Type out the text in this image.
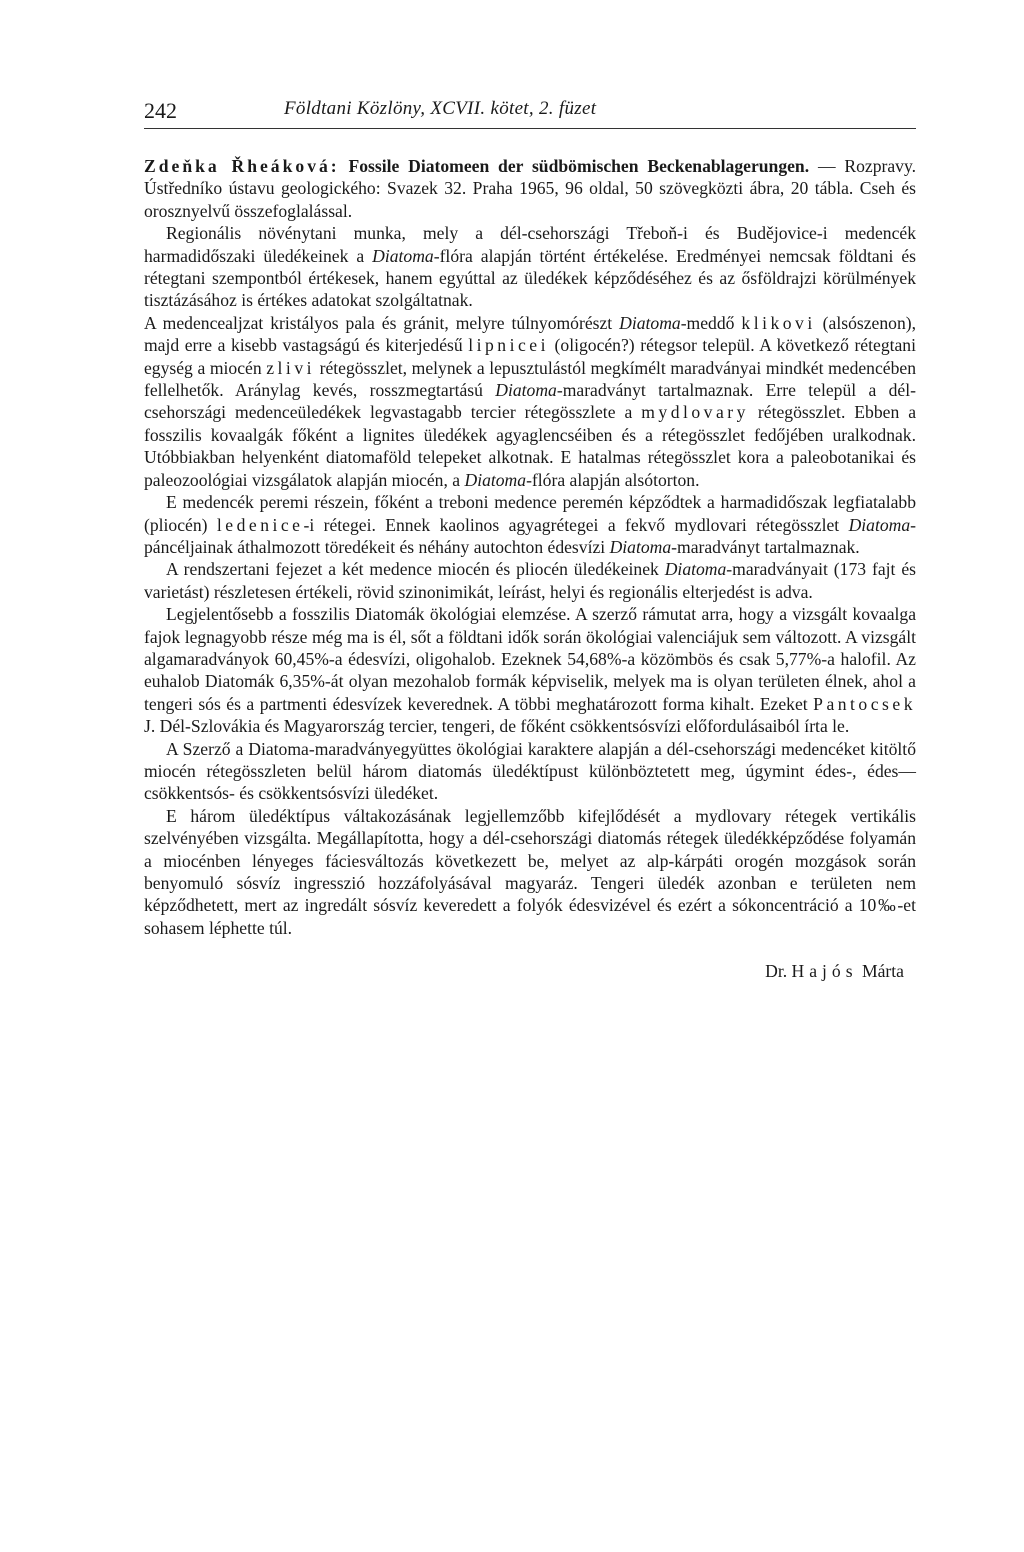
242	Földtani Közlöny, XCVII. kötet, 2. füzet

Zdeňka Řheáková: Fossile Diatomeen der südbömischen Beckenablagerungen. — Rozpravy. Ústředníko ústavu geologického: Svazek 32. Praha 1965, 96 oldal, 50 szövegközti ábra, 20 tábla. Cseh és orosznyelvű összefoglalással.

Regionális növénytani munka, mely a dél-csehországi Třeboň-i és Budějovice-i medencék harmadidőszaki üledékeinek a Diatoma-flóra alapján történt értékelése. Eredményei nemcsak földtani és rétegtani szempontból értékesek, hanem egyúttal az üledékek képződéséhez és az ősföldrajzi körülmények tisztázásához is értékes adatokat szolgáltatnak.

A medencealjzat kristályos pala és gránit, melyre túlnyomórészt Diatoma-meddő klikovi (alsószenon), majd erre a kisebb vastagságú és kiterjedésű lipnicei (oligocén?) rétegsor települ. A következő rétegtani egység a miocén zlivi rétegösszlet, melynek a lepusztulástól megkímélt maradványai mindkét medencében fellelhetők. Aránylag kevés, rosszmegtartású Diatoma-maradványt tartalmaznak. Erre települ a dél-csehországi medenceüledékek legvastagabb tercier rétegösszlete a mydlovary rétegösszlet. Ebben a fosszilis kovaalgák főként a lignites üledékek agyaglencséiben és a rétegösszlet fedőjében uralkodnak. Utóbbiakban helyenként diatomaföld telepeket alkotnak. E hatalmas rétegösszlet kora a paleobotanikai és paleozoológiai vizsgálatok alapján miocén, a Diatoma-flóra alapján alsótorton.

E medencék peremi részein, főként a treboni medence peremén képződtek a harmadidőszak legfiatalabb (pliocén) ledenice-i rétegei. Ennek kaolinos agyagrétegei a fekvő mydlovari rétegösszlet Diatoma-páncéljainak áthalmozott töredékeit és néhány autochton édesvízi Diatoma-maradványt tartalmaznak.

A rendszertani fejezet a két medence miocén és pliocén üledékeinek Diatoma-maradványait (173 fajt és varietást) részletesen értékeli, rövid szinonimikát, leírást, helyi és regionális elterjedést is adva.

Legjelentősebb a fosszilis Diatomák ökológiai elemzése. A szerző rámutat arra, hogy a vizsgált kovaalga fajok legnagyobb része még ma is él, sőt a földtani idők során ökológiai valenciájuk sem változott. A vizsgált algamaradványok 60,45%-a édesvízi, oligohalob. Ezeknek 54,68%-a közömbös és csak 5,77%-a halofil. Az euhalob Diatomák 6,35%-át olyan mezohalob formák képviselik, melyek ma is olyan területen élnek, ahol a tengeri sós és a partmenti édesvízek keverednek. A többi meghatározott forma kihalt. Ezeket Pantocsek J. Dél-Szlovákia és Magyarország tercier, tengeri, de főként csökkentsósvízi előfordulásaiból írta le.

A Szerző a Diatoma-maradványegyüttes ökológiai karaktere alapján a dél-csehországi medencéket kitöltő miocén rétegösszleten belül három diatomás üledéktípust különböztetett meg, úgymint édes-, édes—csökkentsós- és csökkentsósvízi üledéket.

E három üledéktípus váltakozásának legjellemzőbb kifejlődését a mydlovary rétegek vertikális szelvényében vizsgálta. Megállapította, hogy a dél-csehországi diatomás rétegek üledékképződése folyamán a miocénben lényeges fáciesváltozás következett be, melyet az alp-kárpáti orogén mozgások során benyomuló sósvíz ingresszió hozzáfolyásával magyaráz. Tengeri üledék azonban e területen nem képződhetett, mert az ingredált sósvíz keveredett a folyók édesvizével és ezért a sókoncentráció a 10‰-et sohasem léphette túl.

Dr. Hajós Márta
